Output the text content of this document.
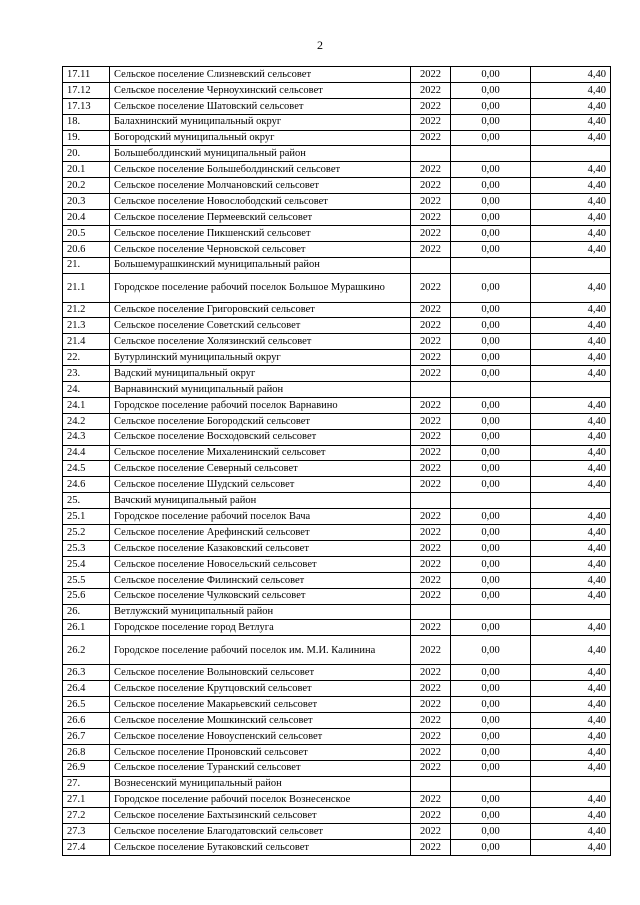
2
17.11	Сельское поселение Слизневский сельсовет	2022	0,00	4,40
17.12	Сельское поселение Черноухинский сельсовет	2022	0,00	4,40
17.13	Сельское поселение Шатовский сельсовет	2022	0,00	4,40
18.	Балахнинский муниципальный округ	2022	0,00	4,40
19.	Богородский муниципальный округ	2022	0,00	4,40
20.	Большеболдинский муниципальный район			
20.1	Сельское поселение Большеболдинский сельсовет	2022	0,00	4,40
20.2	Сельское поселение Молчановский сельсовет	2022	0,00	4,40
20.3	Сельское поселение Новослободский сельсовет	2022	0,00	4,40
20.4	Сельское поселение Пермеевский сельсовет	2022	0,00	4,40
20.5	Сельское поселение Пикшенский сельсовет	2022	0,00	4,40
20.6	Сельское поселение Черновской сельсовет	2022	0,00	4,40
21.	Большемурашкинский муниципальный район			
21.1	Городское поселение рабочий поселок Большое Мурашкино	2022	0,00	4,40
21.2	Сельское поселение Григоровский сельсовет	2022	0,00	4,40
21.3	Сельское поселение Советский сельсовет	2022	0,00	4,40
21.4	Сельское поселение Холязинский сельсовет	2022	0,00	4,40
22.	Бутурлинский муниципальный округ	2022	0,00	4,40
23.	Вадский муниципальный округ	2022	0,00	4,40
24.	Варнавинский муниципальный район			
24.1	Городское поселение рабочий поселок Варнавино	2022	0,00	4,40
24.2	Сельское поселение Богородский сельсовет	2022	0,00	4,40
24.3	Сельское поселение Восходовский сельсовет	2022	0,00	4,40
24.4	Сельское поселение Михаленинский сельсовет	2022	0,00	4,40
24.5	Сельское поселение Северный сельсовет	2022	0,00	4,40
24.6	Сельское поселение Шудский сельсовет	2022	0,00	4,40
25.	Вачский муниципальный район			
25.1	Городское поселение рабочий поселок Вача	2022	0,00	4,40
25.2	Сельское поселение Арефинский сельсовет	2022	0,00	4,40
25.3	Сельское поселение Казаковский сельсовет	2022	0,00	4,40
25.4	Сельское поселение Новосельский сельсовет	2022	0,00	4,40
25.5	Сельское поселение Филинский сельсовет	2022	0,00	4,40
25.6	Сельское поселение Чулковский сельсовет	2022	0,00	4,40
26.	Ветлужский муниципальный район			
26.1	Городское поселение город Ветлуга	2022	0,00	4,40
26.2	Городское поселение рабочий поселок им. М.И. Калинина	2022	0,00	4,40
26.3	Сельское поселение Волыновский сельсовет	2022	0,00	4,40
26.4	Сельское поселение Крутцовский сельсовет	2022	0,00	4,40
26.5	Сельское поселение Макарьевский сельсовет	2022	0,00	4,40
26.6	Сельское поселение Мошкинский сельсовет	2022	0,00	4,40
26.7	Сельское поселение Новоуспенский сельсовет	2022	0,00	4,40
26.8	Сельское поселение Проновский сельсовет	2022	0,00	4,40
26.9	Сельское поселение Туранский сельсовет	2022	0,00	4,40
27.	Вознесенский муниципальный район			
27.1	Городское поселение рабочий поселок Вознесенское	2022	0,00	4,40
27.2	Сельское поселение Бахтызинский сельсовет	2022	0,00	4,40
27.3	Сельское поселение Благодатовский сельсовет	2022	0,00	4,40
27.4	Сельское поселение Бутаковский сельсовет	2022	0,00	4,40
